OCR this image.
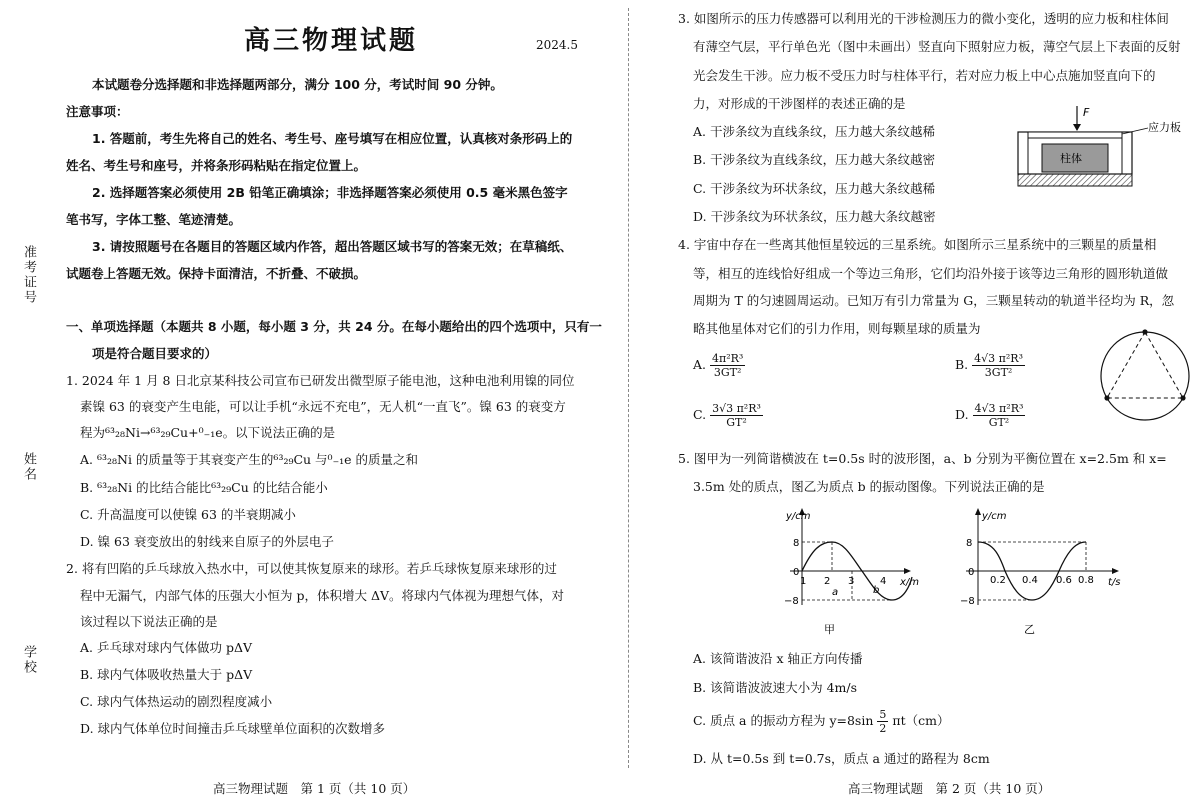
准考证号
姓名
学校
高三物理试题	2024.5
本试题卷分选择题和非选择题两部分，满分 100 分，考试时间 90 分钟。
注意事项：
1. 答题前，考生先将自己的姓名、考生号、座号填写在相应位置，认真核对条形码上的
姓名、考生号和座号，并将条形码粘贴在指定位置上。
2. 选择题答案必须使用 2B 铅笔正确填涂；非选择题答案必须使用 0.5 毫米黑色签字
笔书写，字体工整、笔迹清楚。
3. 请按照题号在各题目的答题区域内作答，超出答题区域书写的答案无效；在草稿纸、
试题卷上答题无效。保持卡面清洁，不折叠、不破损。
一、单项选择题（本题共 8 小题，每小题 3 分，共 24 分。在每小题给出的四个选项中，只有一
项是符合题目要求的）
1. 2024 年 1 月 8 日北京某科技公司宣布已研发出微型原子能电池，这种电池利用镍的同位
素镍 63 的衰变产生电能，可以让手机“永远不充电”，无人机“一直飞”。镍 63 的衰变方
程为⁶³₂₈Ni→⁶³₂₉Cu+⁰₋₁e。以下说法正确的是
A. ⁶³₂₈Ni 的质量等于其衰变产生的⁶³₂₉Cu 与⁰₋₁e 的质量之和
B. ⁶³₂₈Ni 的比结合能比⁶³₂₉Cu 的比结合能小
C. 升高温度可以使镍 63 的半衰期减小
D. 镍 63 衰变放出的射线来自原子的外层电子
2. 将有凹陷的乒乓球放入热水中，可以使其恢复原来的球形。若乒乓球恢复原来球形的过
程中无漏气，内部气体的压强大小恒为 p，体积增大 ΔV。将球内气体视为理想气体，对
该过程以下说法正确的是
A. 乒乓球对球内气体做功 pΔV
B. 球内气体吸收热量大于 pΔV
C. 球内气体热运动的剧烈程度减小
D. 球内气体单位时间撞击乒乓球壁单位面积的次数增多
高三物理试题　第 1 页（共 10 页）
3. 如图所示的压力传感器可以利用光的干涉检测压力的微小变化，透明的应力板和柱体间
有薄空气层，平行单色光（图中未画出）竖直向下照射应力板，薄空气层上下表面的反射
光会发生干涉。应力板不受压力时与柱体平行，若对应力板上中心点施加竖直向下的
力，对形成的干涉图样的表述正确的是
A. 干涉条纹为直线条纹，压力越大条纹越稀
B. 干涉条纹为直线条纹，压力越大条纹越密
C. 干涉条纹为环状条纹，压力越大条纹越稀
D. 干涉条纹为环状条纹，压力越大条纹越密
F
柱体
应力板
4. 宇宙中存在一些离其他恒星较远的三星系统。如图所示三星系统中的三颗星的质量相
等，相互的连线恰好组成一个等边三角形，它们均沿外接于该等边三角形的圆形轨道做
周期为 T 的匀速圆周运动。已知万有引力常量为 G，三颗星转动的轨道半径均为 R，忽
略其他星体对它们的引力作用，则每颗星球的质量为
A. $\frac{\text{4π²R³}}{\text{3GT²}}$	B. $\frac{\text{4√3 π²R³}}{\text{3GT²}}$
C. $\frac{\text{3√3 π²R³}}{\text{GT²}}$	D. $\frac{\text{4√3 π²R³}}{\text{GT²}}$
5. 图甲为一列简谐横波在 t=0.5s 时的波形图，a、b 分别为平衡位置在 x=2.5m 和 x=
3.5m 处的质点，图乙为质点 b 的振动图像。下列说法正确的是
y/cm
x/m
8
0
−8
1 2 3	4
a	b
甲
y/cm
t/s
8
0
−8
0.2 0.4 0.6 0.8
乙
A. 该简谐波沿 x 轴正方向传播
B. 该简谐波波速大小为 4m/s
C. 质点 a 的振动方程为 $y=8\sin \frac{5}{2} \pi t(cm)$
D. 从 t=0.5s 到 t=0.7s，质点 a 通过的路程为 8cm
高三物理试题　第 2 页（共 10 页）
